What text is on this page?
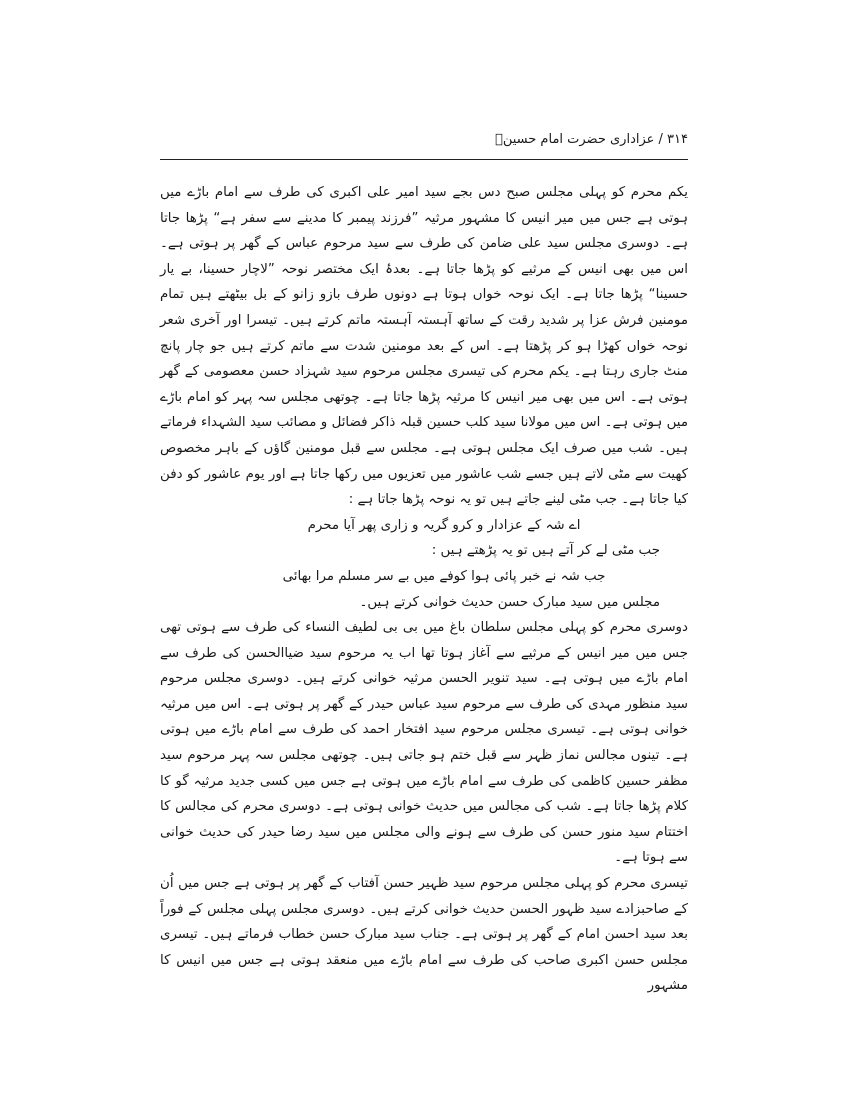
۳۱۴ / عزاداری حضرت امام حسینؑ

یکم محرم کو پہلی مجلس صبح دس بجے سید امیر علی اکبری کی طرف سے امام باڑے میں ہوتی ہے جس میں میر انیس کا مشہور مرثیہ ”فرزند پیمبر کا مدینے سے سفر ہے“ پڑھا جاتا ہے۔ دوسری مجلس سید علی ضامن کی طرف سے سید مرحوم عباس کے گھر پر ہوتی ہے۔ اس میں بھی انیس کے مرثیے کو پڑھا جاتا ہے۔ بعدۂ ایک مختصر نوحہ ”لاچار حسینا، بے یار حسینا“ پڑھا جاتا ہے۔ ایک نوحہ خواں ہوتا ہے دونوں طرف بازو زانو کے بل بیٹھتے ہیں تمام مومنین فرش عزا پر شدید رقت کے ساتھ آہستہ آہستہ ماتم کرتے ہیں۔ تیسرا اور آخری شعر نوحہ خواں کھڑا ہو کر پڑھتا ہے۔ اس کے بعد مومنین شدت سے ماتم کرتے ہیں جو چار پانچ منٹ جاری رہتا ہے۔ یکم محرم کی تیسری مجلس مرحوم سید شہزاد حسن معصومی کے گھر ہوتی ہے۔ اس میں بھی میر انیس کا مرثیہ پڑھا جاتا ہے۔ چوتھی مجلس سہ پہر کو امام باڑے میں ہوتی ہے۔ اس میں مولانا سید کلب حسین قبلہ ذاکر فضائل و مصائب سید الشہداء فرماتے ہیں۔ شب میں صرف ایک مجلس ہوتی ہے۔ مجلس سے قبل مومنین گاؤں کے باہر مخصوص کھیت سے مٹی لاتے ہیں جسے شب عاشور میں تعزیوں میں رکھا جاتا ہے اور یوم عاشور کو دفن کیا جاتا ہے۔ جب مٹی لینے جاتے ہیں تو یہ نوحہ پڑھا جاتا ہے :

اے شہ کے عزادار و کرو گریہ و زاری پھر آیا محرم

جب مٹی لے کر آتے ہیں تو یہ پڑھتے ہیں :

جب شہ نے خبر پائی ہوا کوفے میں بے سر مسلم مرا بھائی

مجلس میں سید مبارک حسن حدیث خوانی کرتے ہیں۔

دوسری محرم کو پہلی مجلس سلطان باغ میں بی بی لطیف النساء کی طرف سے ہوتی تھی جس میں میر انیس کے مرثیے سے آغاز ہوتا تھا اب یہ مرحوم سید ضیاالحسن کی طرف سے امام باڑے میں ہوتی ہے۔ سید تنویر الحسن مرثیہ خوانی کرتے ہیں۔ دوسری مجلس مرحوم سید منظور مہدی کی طرف سے مرحوم سید عباس حیدر کے گھر پر ہوتی ہے۔ اس میں مرثیہ خوانی ہوتی ہے۔ تیسری مجلس مرحوم سید افتخار احمد کی طرف سے امام باڑے میں ہوتی ہے۔ تینوں مجالس نماز ظہر سے قبل ختم ہو جاتی ہیں۔ چوتھی مجلس سہ پہر مرحوم سید مظفر حسین کاظمی کی طرف سے امام باڑے میں ہوتی ہے جس میں کسی جدید مرثیہ گو کا کلام پڑھا جاتا ہے۔ شب کی مجالس میں حدیث خوانی ہوتی ہے۔ دوسری محرم کی مجالس کا اختتام سید منور حسن کی طرف سے ہونے والی مجلس میں سید رضا حیدر کی حدیث خوانی سے ہوتا ہے۔

تیسری محرم کو پہلی مجلس مرحوم سید ظہیر حسن آفتاب کے گھر پر ہوتی ہے جس میں اُن کے صاحبزادے سید ظہور الحسن حدیث خوانی کرتے ہیں۔ دوسری مجلس پہلی مجلس کے فوراً بعد سید احسن امام کے گھر پر ہوتی ہے۔ جناب سید مبارک حسن خطاب فرماتے ہیں۔ تیسری مجلس حسن اکبری صاحب کی طرف سے امام باڑے میں منعقد ہوتی ہے جس میں انیس کا مشہور
